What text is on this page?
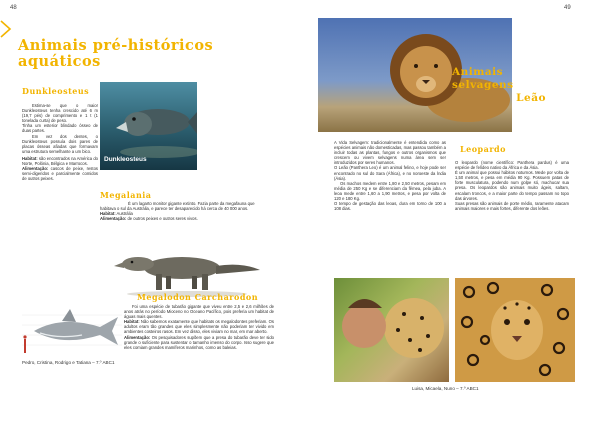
48
Animais pré-históricos
aquáticos
Dunkleosteus
Dunkleosteus

Estima-se que o maior Dunkleosteus tenha crescido até 6 m (19,7 pés) de comprimento e 1 t (1 tonelada curta) de peso.

Tinha um esterior blindado ósseo de duas partes.

Em vez dos dentes, o Dunkleosteus possuía dois pares de placas ósseas afiadas que formavam uma estrutura semelhante a um bico.

Habitat: são encontrados na América do Norte, Polónia, Bélgica e Marrocos.

Alimentação: cascos de peixe, restos semi-digeridos e parcialmente comidos de outros peixes.

Megalania

É um lagarto monitor gigante extinto. Fazia parte da megafauna que habitava o sul da Austrália, e parece ter desaparecido há cerca de 40 000 anos.

Habitat: Austrália

Alimentação: de outros peixes e outros seres vivos.

Megalodon Carcharodon

Foi uma espécie de tubarão gigante que viveu entre 2,5 e 2,6 milhões de anos atrás no período Mioceno no Oceano Pacífico, pois preferia um habitat de águas mais quentes.

Habitat: Não sabemos exatamente que habitats os megalodontes preferiam. Os adultos eram tão grandes que eles simplesmente não poderiam ter vivido em ambientes costeiros rasos. Em vez disso, eles viviam no mar, em mar aberto.

Alimentação: Os pesquisadores supõem que a presa do tubarão deve ter sido grande o suficiente para sustentar o tamanho imenso do corpo. Isso sugere que eles comiam grandes mamíferos marinhos, como as baleias.

Pedro, Cristina, Rodrigo e Tatiana – 7.º ABC1
49
Animais
selvagens
Leão

A Vida Selvagem: tradicionalmente é entendida como as espécies animais não domesticadas, mas passou também a incluir todas as plantas, fungos e outros organismos que crescem ou vivem selvagens numa área sem ser introduzidos por seres humanos.

O Leão (Panthera Leo) é um animal felino, e hoje pode ser encontrado no sul do Sara (África), e no noroeste da Índia (Ásia).

Os machos medem entre 1,80 e 2,50 metros, pesam em média de 250 Kg e se diferenciam da fêmea, pela juba. A leoa mede entre 1,60 a 1,90 metros, e pesa por volta de 120 e 180 Kg.

O tempo de gestação das leoas, dura em torno de 100 a 108 dias.

Leopardo

O leopardo (nome científico: Panthera pardus) é uma espécie de felídeo nativo da África e da Ásia.

É um animal que possui hábitos noturnos. Mede por volta de 1,50 metros, e pesa em média 90 Kg. Possuem patas de forte musculatura, podendo num golpe só, machucar sua presa. Os leopardos são animais muito ágeis, saltam, escalam troncos, e a maior parte do tempo passam no topo das árvores.

Suas presas são animais de porte médio, raramente atacam animais maiores e mais fortes, diferente dos leões.

Luisa, Micaela, Nuno – 7.º ABC1
